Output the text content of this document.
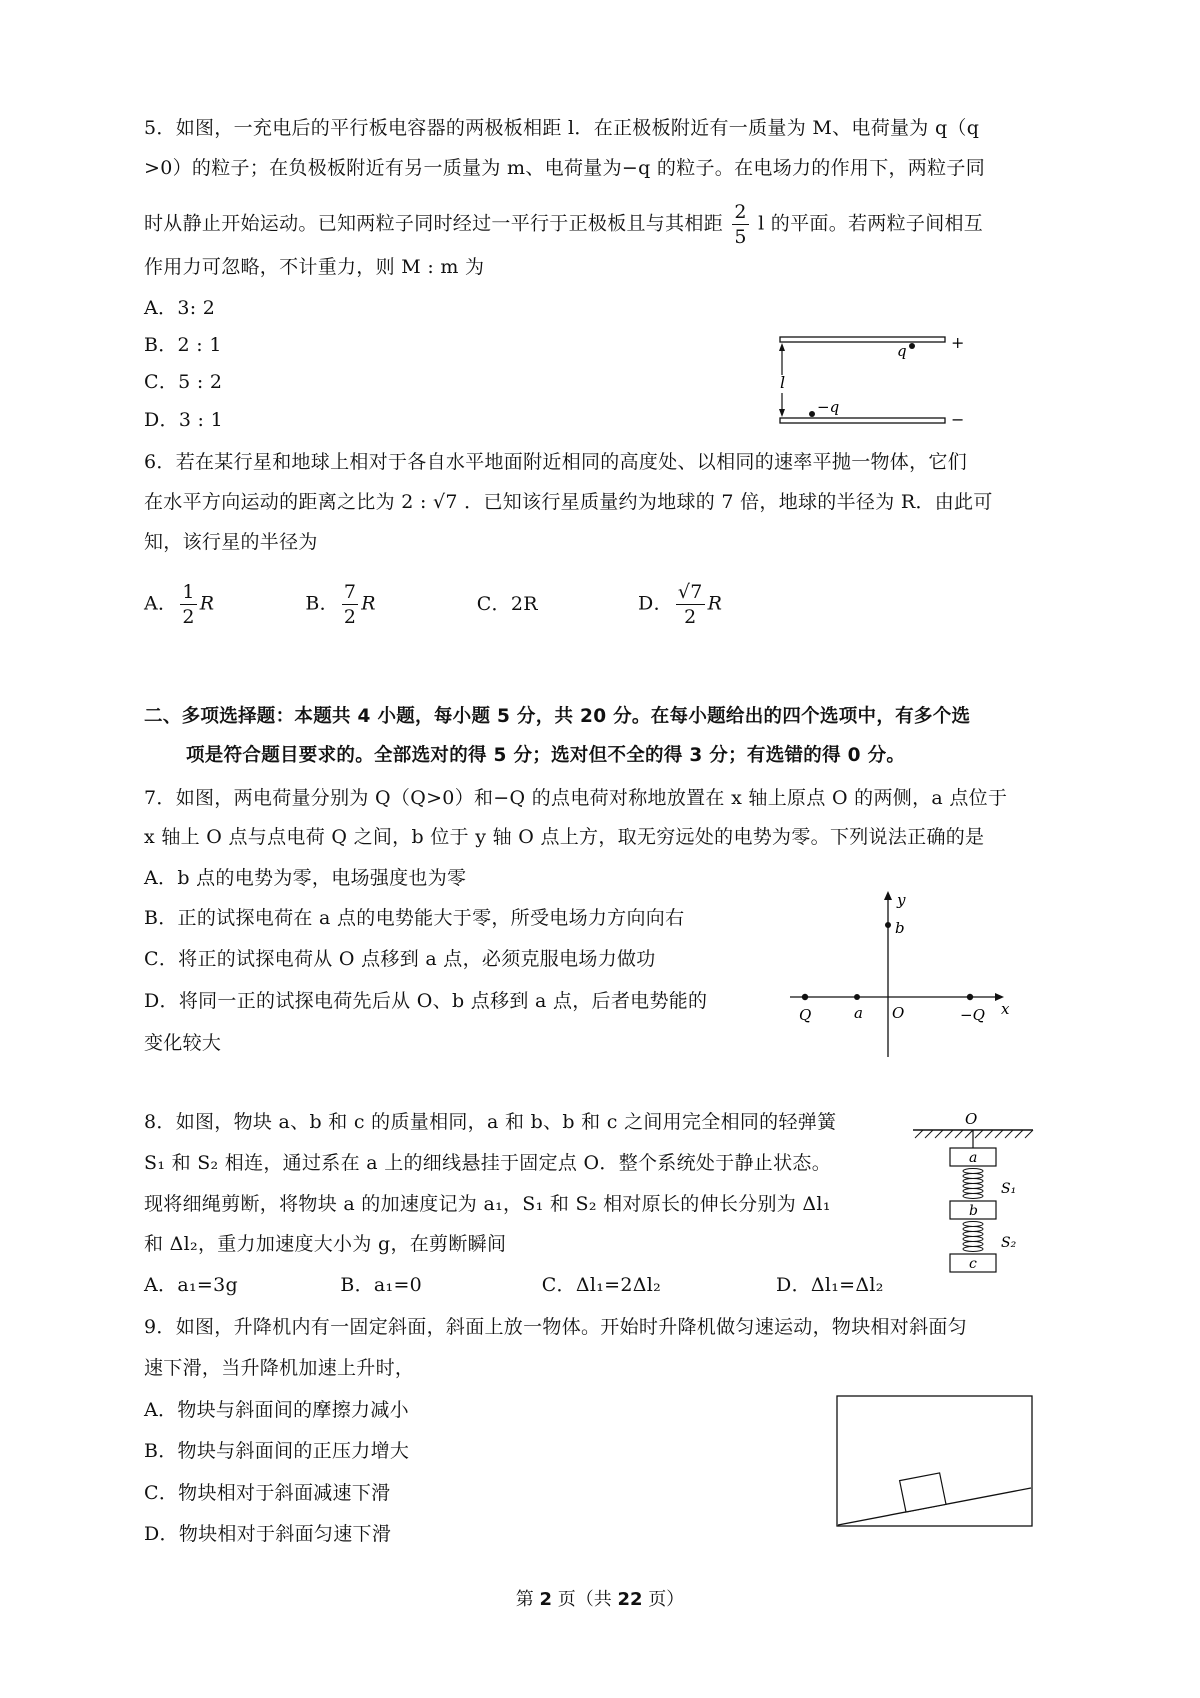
5．如图，一充电后的平行板电容器的两极板相距 l．在正极板附近有一质量为 M、电荷量为 q（q
>0）的粒子；在负极板附近有另一质量为 m、电荷量为−q 的粒子。在电场力的作用下，两粒子同
时从静止开始运动。已知两粒子同时经过一平行于正极板且与其相距 $\frac{2}{5}$ l 的平面。若两粒子间相互
作用力可忽略，不计重力，则 M : m 为
A．3: 2
B．2 : 1
C．5 : 2
D．3 : 1
l
q	+
−q
−
6．若在某行星和地球上相对于各自水平地面附近相同的高度处、以相同的速率平抛一物体，它们
在水平方向运动的距离之比为 2 : √7 ．已知该行星质量约为地球的 7 倍，地球的半径为 R．由此可
知，该行星的半径为
A． $\frac{1}{2}$ R	B． $\frac{7}{2}$ R	C．2R	D． $\frac{√7}{2}$ R
二、多项选择题：本题共 4 小题，每小题 5 分，共 20 分。在每小题给出的四个选项中，有多个选
项是符合题目要求的。全部选对的得 5 分；选对但不全的得 3 分；有选错的得 0 分。
7．如图，两电荷量分别为 Q（Q>0）和−Q 的点电荷对称地放置在 x 轴上原点 O 的两侧，a 点位于
x 轴上 O 点与点电荷 Q 之间，b 位于 y 轴 O 点上方，取无穷远处的电势为零。下列说法正确的是
A．b 点的电势为零，电场强度也为零
B．正的试探电荷在 a 点的电势能大于零，所受电场力方向向右
C．将正的试探电荷从 O 点移到 a 点，必须克服电场力做功
D．将同一正的试探电荷先后从 O、b 点移到 a 点，后者电势能的
变化较大
y
b
Q	a O	−Q x
8．如图，物块 a、b 和 c 的质量相同，a 和 b、b 和 c 之间用完全相同的轻弹簧
S₁ 和 S₂ 相连，通过系在 a 上的细线悬挂于固定点 O．整个系统处于静止状态。
现将细绳剪断，将物块 a 的加速度记为 a₁，S₁ 和 S₂ 相对原长的伸长分别为 Δl₁
和 Δl₂，重力加速度大小为 g，在剪断瞬间
A．a₁=3g	B．a₁=0	C．Δl₁=2Δl₂	D．Δl₁=Δl₂
O
a
S₁
b
S₂
c
9．如图，升降机内有一固定斜面，斜面上放一物体。开始时升降机做匀速运动，物块相对斜面匀
速下滑，当升降机加速上升时，
A．物块与斜面间的摩擦力减小
B．物块与斜面间的正压力增大
C．物块相对于斜面减速下滑
D．物块相对于斜面匀速下滑
第 2 页（共 22 页）
